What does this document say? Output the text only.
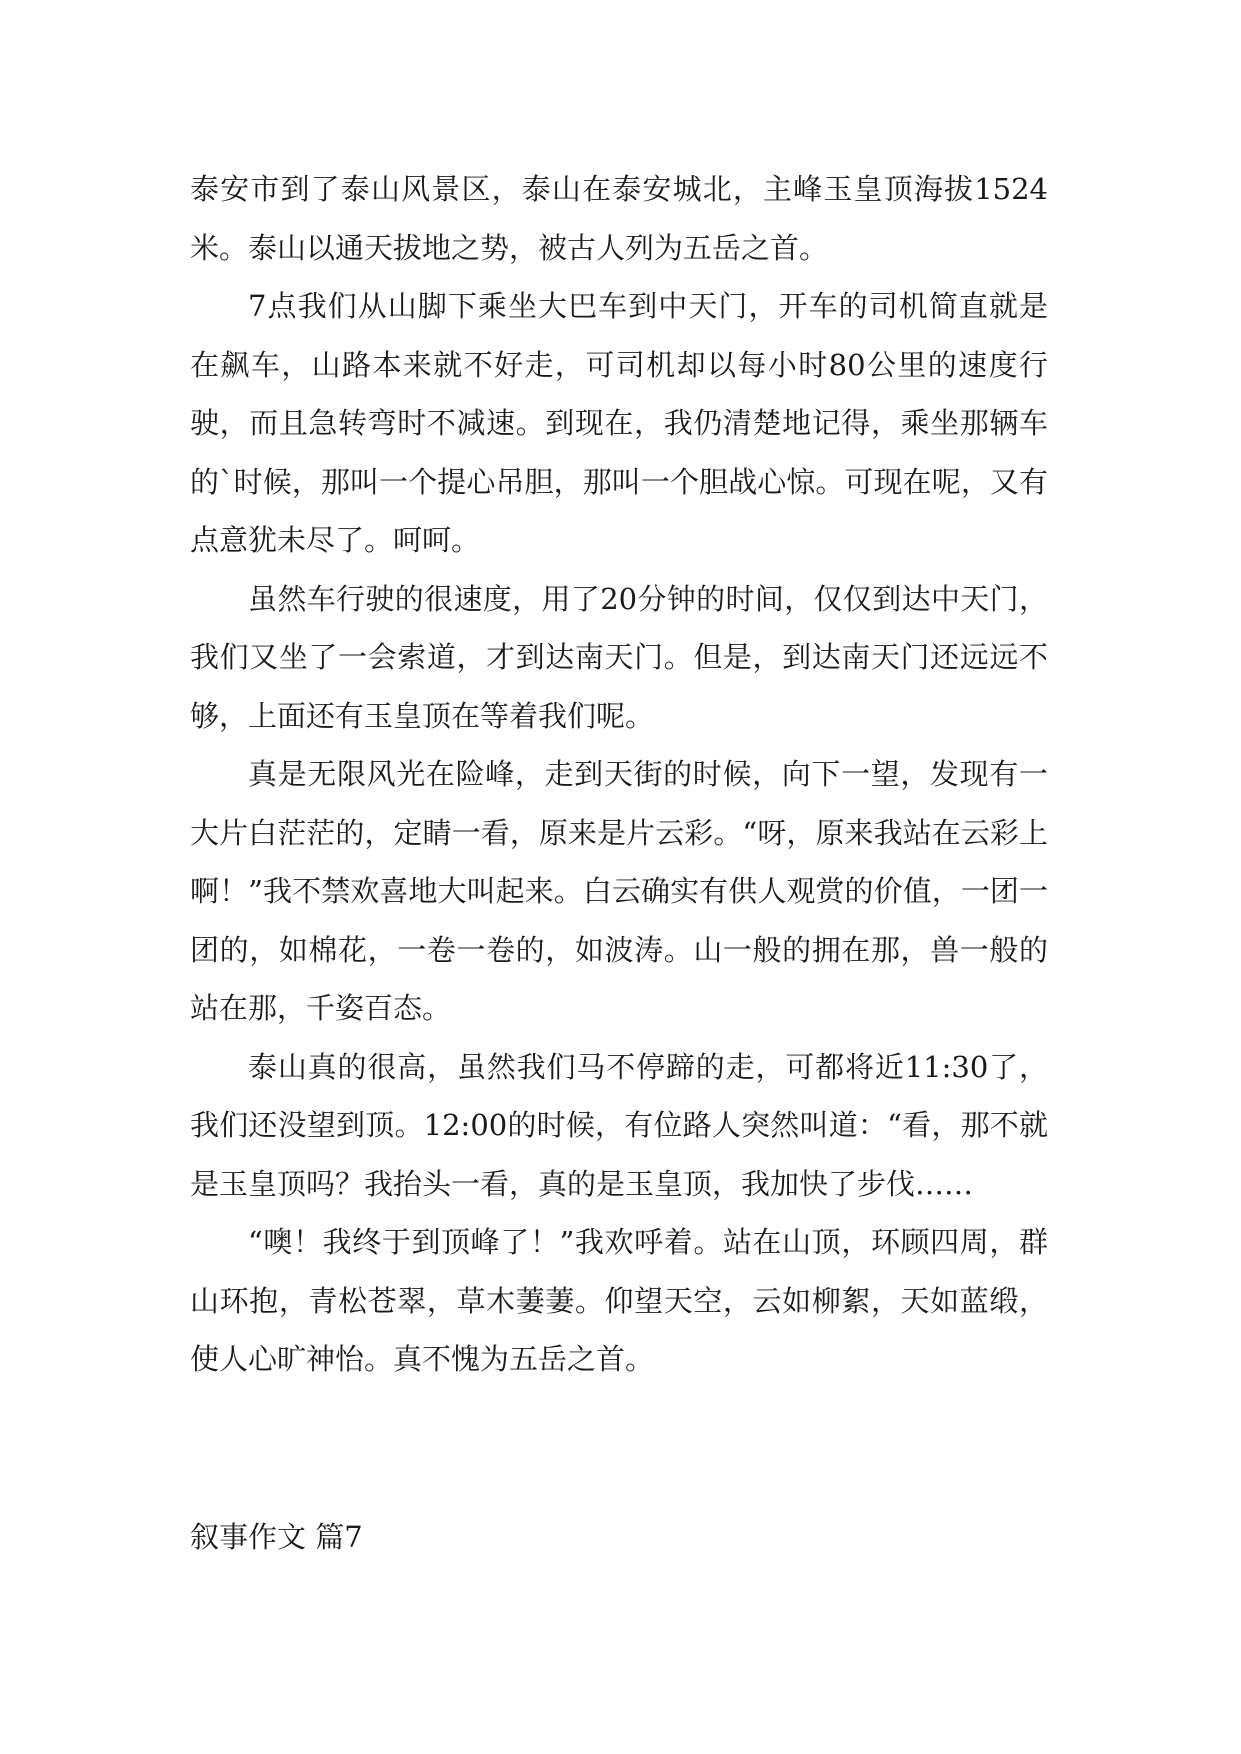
泰安市到了泰山风景区，泰山在泰安城北，主峰玉皇顶海拔1524米。泰山以通天拔地之势，被古人列为五岳之首。

7点我们从山脚下乘坐大巴车到中天门，开车的司机简直就是在飙车，山路本来就不好走，可司机却以每小时80公里的速度行驶，而且急转弯时不减速。到现在，我仍清楚地记得，乘坐那辆车的`时候，那叫一个提心吊胆，那叫一个胆战心惊。可现在呢，又有点意犹未尽了。呵呵。

虽然车行驶的很速度，用了20分钟的时间，仅仅到达中天门，我们又坐了一会索道，才到达南天门。但是，到达南天门还远远不够，上面还有玉皇顶在等着我们呢。

真是无限风光在险峰，走到天街的时候，向下一望，发现有一大片白茫茫的，定睛一看，原来是片云彩。“呀，原来我站在云彩上啊！”我不禁欢喜地大叫起来。白云确实有供人观赏的价值，一团一团的，如棉花，一卷一卷的，如波涛。山一般的拥在那，兽一般的站在那，千姿百态。

泰山真的很高，虽然我们马不停蹄的走，可都将近11:30了，我们还没望到顶。12:00的时候，有位路人突然叫道：“看，那不就是玉皇顶吗？我抬头一看，真的是玉皇顶，我加快了步伐……

“噢！我终于到顶峰了！”我欢呼着。站在山顶，环顾四周，群山环抱，青松苍翠，草木萋萋。仰望天空，云如柳絮，天如蓝缎，使人心旷神怡。真不愧为五岳之首。

叙事作文 篇7
